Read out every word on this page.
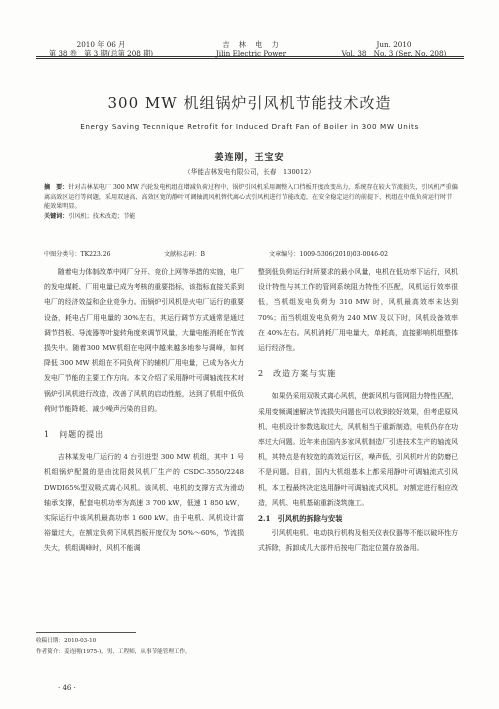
2010 年 06 月	吉　林　电　力	Jun. 2010
第 38 卷　第 3 期(总第 208 期)	Jilin Electric Power	Vol. 38　No. 3 (Ser. No. 208)
300 MW 机组锅炉引风机节能技术改造
Energy Saving Tecnnique Retrofit for Induced Draft Fan of Boiler in 300 MW Units
姜连刚，王宝安
（华能吉林发电有限公司，长春　130012）
摘　要：针对吉林某电厂 300 MW 汽轮发电机组在增减负荷过程中，锅炉引风机采用调整入口挡板开度改变出力，系统存在较大节流损失，引风机严重偏离高效区运行等问题，采用双速高、高效区宽的静叶可调轴流风机替代离心式引风机进行节能改造，在安全稳定运行的前提下，机组在中低负荷运行时节能效果明显。
关键词：引风机；技术改造；节能
中图分类号：TK223.26	文献标志码：B	文章编号：1009-5306(2010)03-0046-02

随着电力体制改革中网厂分开、竞价上网等举措的实施，电厂的发电煤耗、厂用电量已成为考核的重要指标，该指标直接关系到电厂的经济效益和企业竞争力。而锅炉引风机是火电厂运行的重要设备，耗电占厂用电量的 30%左右，其运行调节方式通常是通过调节挡板、导流器等叶旋转角度来调节风量，大量电能消耗在节流损失中。随着300 MW机组在电网中越来越多地参与调峰，如何降低 300 MW 机组在不同负荷下的辅机厂用电量，已成为各火力发电厂节能的主要工作方向。本文介绍了采用静叶可调轴流技术对锅炉引风机进行改造，改善了风机的启动性能，达到了机组中低负荷时节能降耗、减少噪声污染的目的。

1　问题的提出

吉林某发电厂运行的 4 台引进型 300 MW 机组，其中 1 号机组锅炉配置的是由沈阳鼓风机厂生产的 CSDC-3550/2248 DWDI65%型双吸式离心风机。该风机、电机的支撑方式为滑动轴承支撑，配套电机功率为高速 3 700 kW，低速 1 850 kW，实际运行中该风机最高功率 1 600 kW。由于电机、风机设计富裕量过大，在额定负荷下风机挡板开度仅为 50%～60%，节流损失大，机组调峰时，风机不能调

整到低负荷运行时所要求的最小风量，电机在低功率下运行，风机设计特性与其工作的管网系统阻力特性不匹配，风机运行效率很低，当机组发电负荷为 310 MW 时，风机最高效率未达到 70%；而当机组发电负荷为 240 MW 及以下时，风机设备效率在 40%左右。风机消耗厂用电量大，单耗高，直接影响机组整体运行经济性。

2　改造方案与实施

如果仍采用双吸式离心风机，使新风机与管网阻力特性匹配，采用变频调速解决节流损失问题也可以收到较好效果，但考虑原风机、电机设计参数选取过大，风机相当于重新制造，电机仍存在功率过大问题。近年来由国内多家风机制造厂引进技术生产的轴流风机，其特点是有较宽的高效运行区，噪声低，引风机叶片的防磨已不是问题。目前，国内大机组基本上都采用静叶可调轴流式引风机，本工程最终决定选用静叶可调轴流式风机。对额定进行相应改造，风机、电机基础重新浇筑施工。

2.1　引风机的拆除与安装

引风机电机、电动执行机构及相关仪表仪器等不能以破坏性方式拆除，拆卸成几大部件后按电厂指定位置存放备用。

收稿日期：2010-03-10
作者简介：姜连刚(1975-)，男，工程师，从事节能管理工作。
· 46 ·
